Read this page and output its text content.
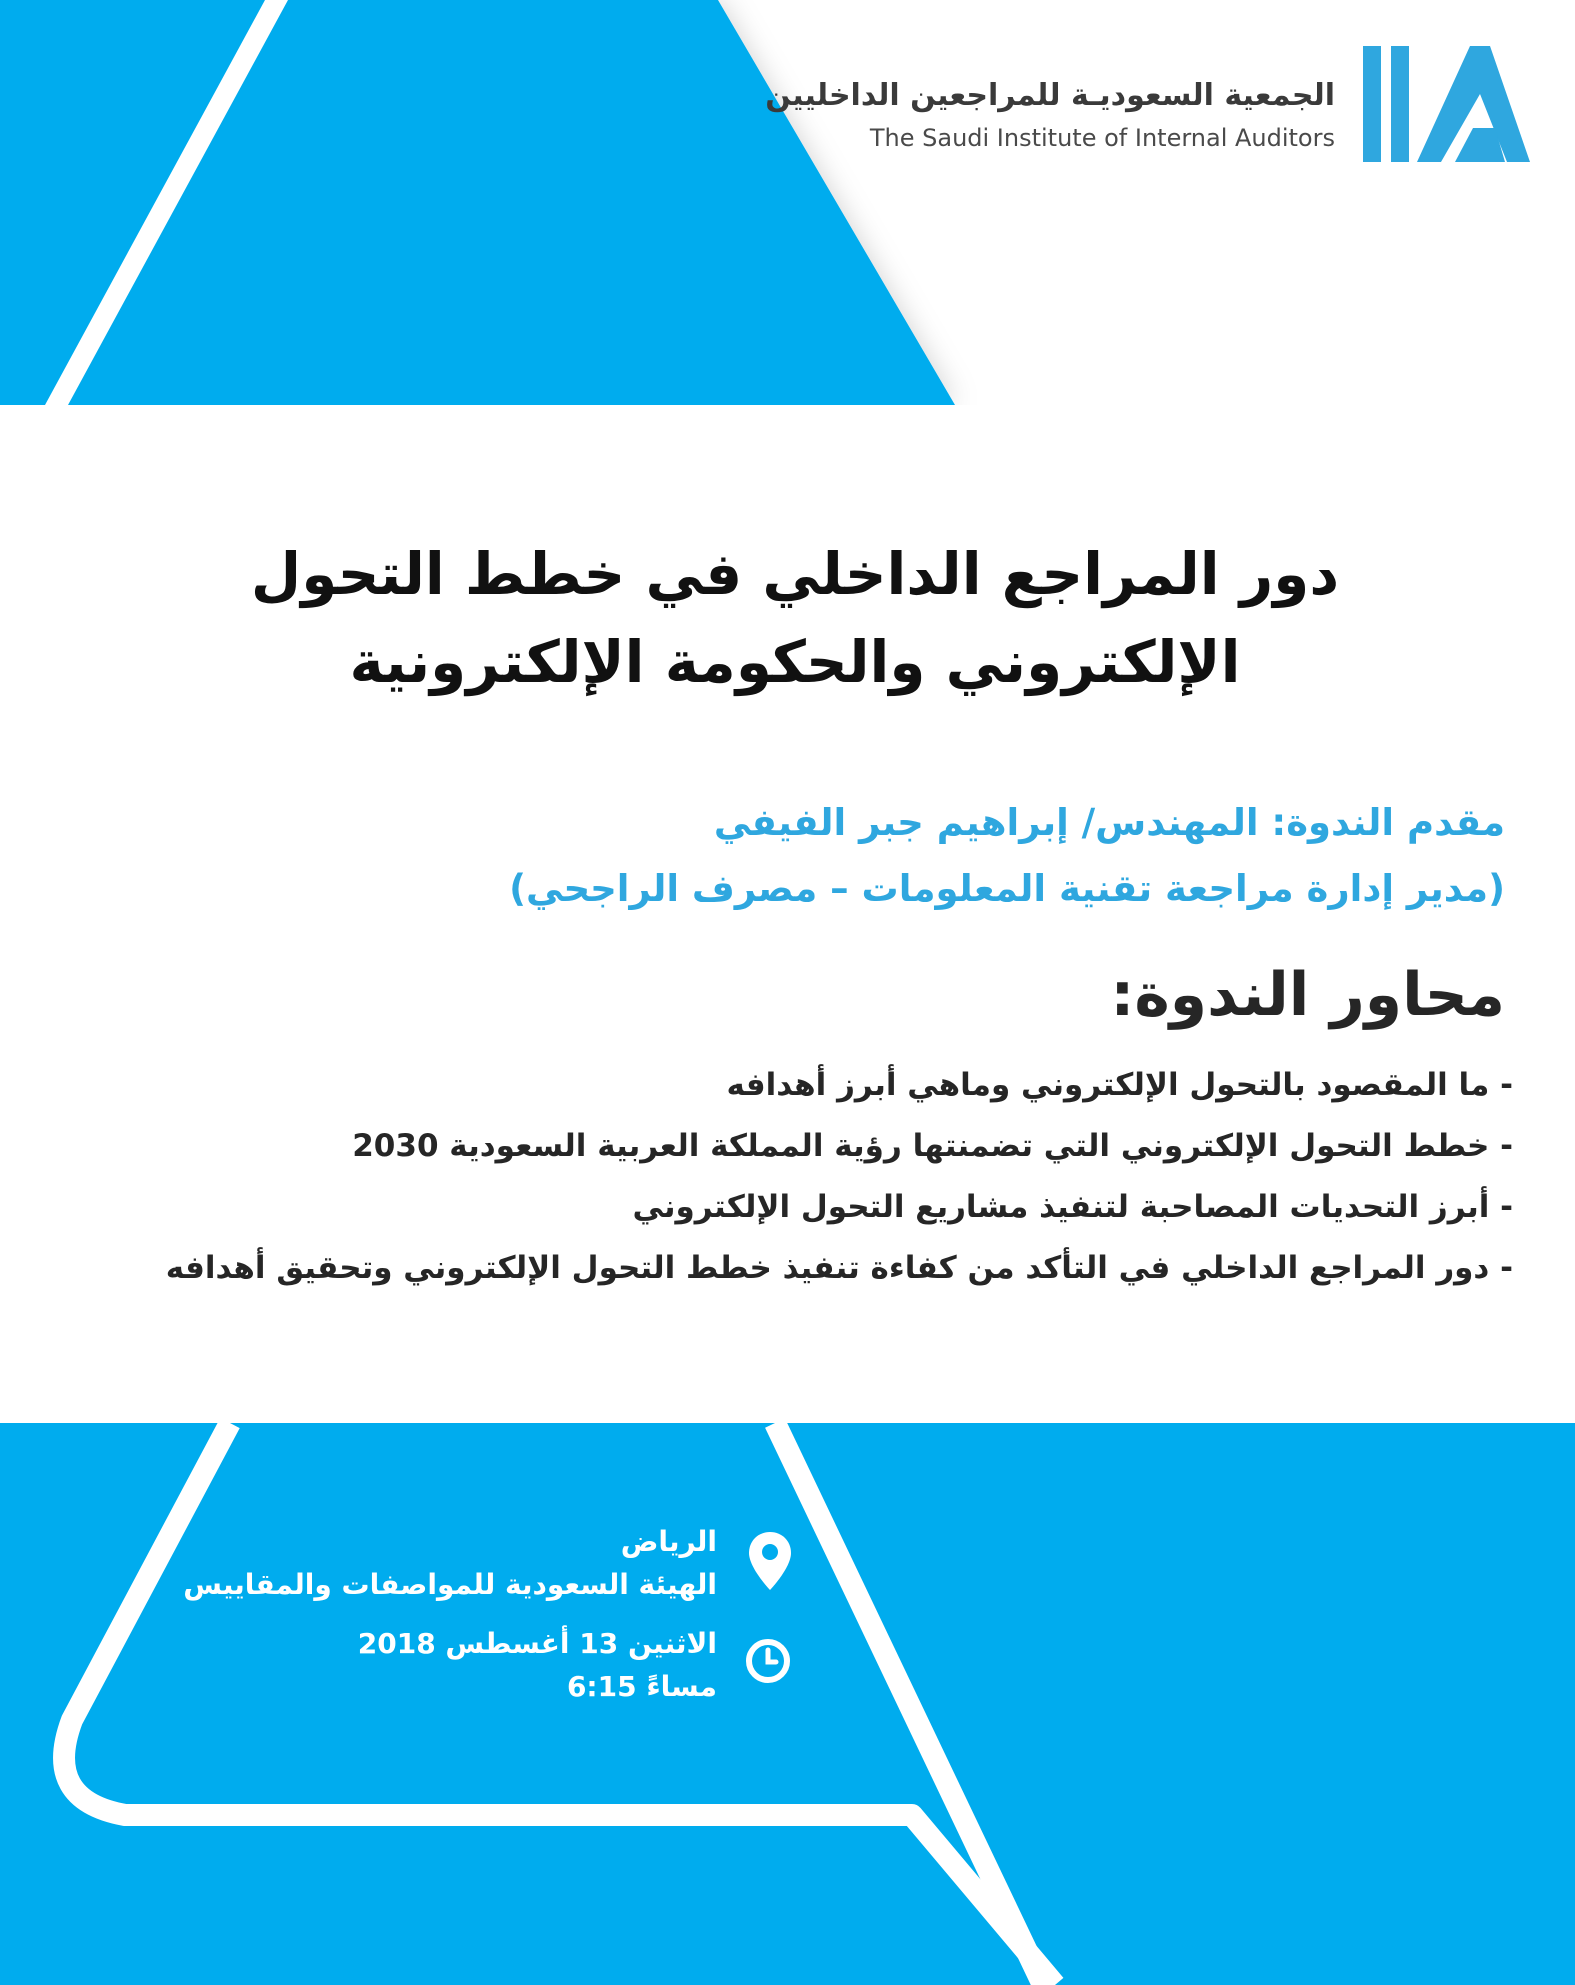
الجمعية السعوديـة للمراجعين الداخليين
The Saudi Institute of Internal Auditors
دور المراجع الداخلي في خطط التحول
الإلكتروني والحكومة الإلكترونية
مقدم الندوة: المهندس/ إبراهيم جبر الفيفي
(مدير إدارة مراجعة تقنية المعلومات – مصرف الراجحي)
محاور الندوة:
- ما المقصود بالتحول الإلكتروني وماهي أبرز أهدافه
- خطط التحول الإلكتروني التي تضمنتها رؤية المملكة العربية السعودية 2030
- أبرز التحديات المصاحبة لتنفيذ مشاريع التحول الإلكتروني
- دور المراجع الداخلي في التأكد من كفاءة تنفيذ خطط التحول الإلكتروني وتحقيق أهدافه
الرياض
الهيئة السعودية للمواصفات والمقاييس
الاثنين 13 أغسطس 2018
مساءً 6:15
